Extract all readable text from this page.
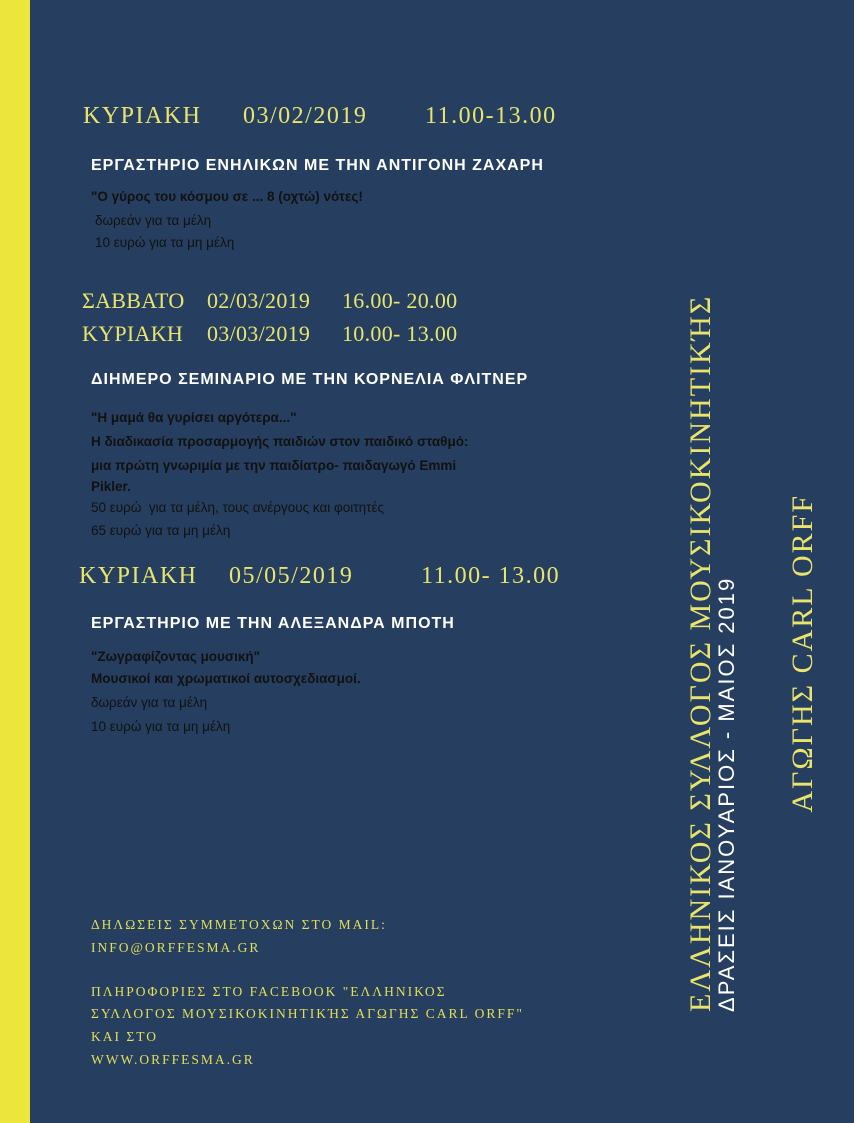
ΚΥΡΙΑΚΗ

03/02/2019

11.00-13.00

ΕΡΓΑΣΤΗΡΙΟ ΕΝΗΛΙΚΩΝ ΜΕ ΤΗΝ ΑΝΤΙΓΟΝΗ ΖΑΧΑΡΗ
"Ο γύρος του κόσμου σε ... 8 (οχτώ) νότες!
δωρεάν για τα μέλη
10 ευρώ για τα μη μέλη

ΣΑΒΒΑΤΟ

02/03/2019

16.00- 20.00

ΚΥΡΙΑΚΗ

03/03/2019

10.00- 13.00

ΔΙΗΜΕΡΟ ΣΕΜΙΝΑΡΙΟ ΜΕ ΤΗΝ ΚΟΡΝΕΛΙΑ ΦΛΙΤΝΕΡ
"Η μαμά θα γυρίσει αργότερα..."
Η διαδικασία προσαρμογής παιδιών στον παιδικό σταθμό:
μια πρώτη γνωριμία με την παιδίατρο- παιδαγωγό Emmi
Pikler.
50 ευρώ  για τα μέλη, τους ανέργους και φοιτητές
65 ευρώ για τα μη μέλη

ΚΥΡΙΑΚΗ

05/05/2019

	11.00- 13.00

ΕΡΓΑΣΤΗΡΙΟ ΜΕ ΤΗΝ ΑΛΕΞΑΝΔΡΑ ΜΠΟΤΗ
"Ζωγραφίζοντας μουσική"
Μουσικοί και χρωματικοί αυτοσχεδιασμοί.
δωρεάν για τα μέλη
10 ευρώ για τα μη μέλη
ΔΗΛΩΣΕΙΣ ΣΥΜΜΕΤΟΧΩΝ ΣΤΟ MAIL:
INFO@ORFFESMA.GR
ΠΛΗΡΟΦΟΡΙΕΣ ΣΤΟ FACEBOOK "ΕΛΛΗΝΙΚΟΣ
ΣΥΛΛΟΓΟΣ ΜΟΥΣΙΚΟΚΙΝΗΤΙΚΉΣ ΑΓΩΓΗΣ CARL ORFF"
ΚΑΙ ΣΤΟ
WWW.ORFFESMA.GR

ΕΛΛΗΝΙΚΟΣ ΣΥΛΛΟΓΟΣ ΜΟΥΣΙΚΟΚΙΝΗΤΙΚΉΣ

ΑΓΩΓΗΣ CARL ORFF

ΔΡΑΣΕΙΣ ΙΑΝΟΥΑΡΙΟΣ - ΜΑΙΟΣ 2019
